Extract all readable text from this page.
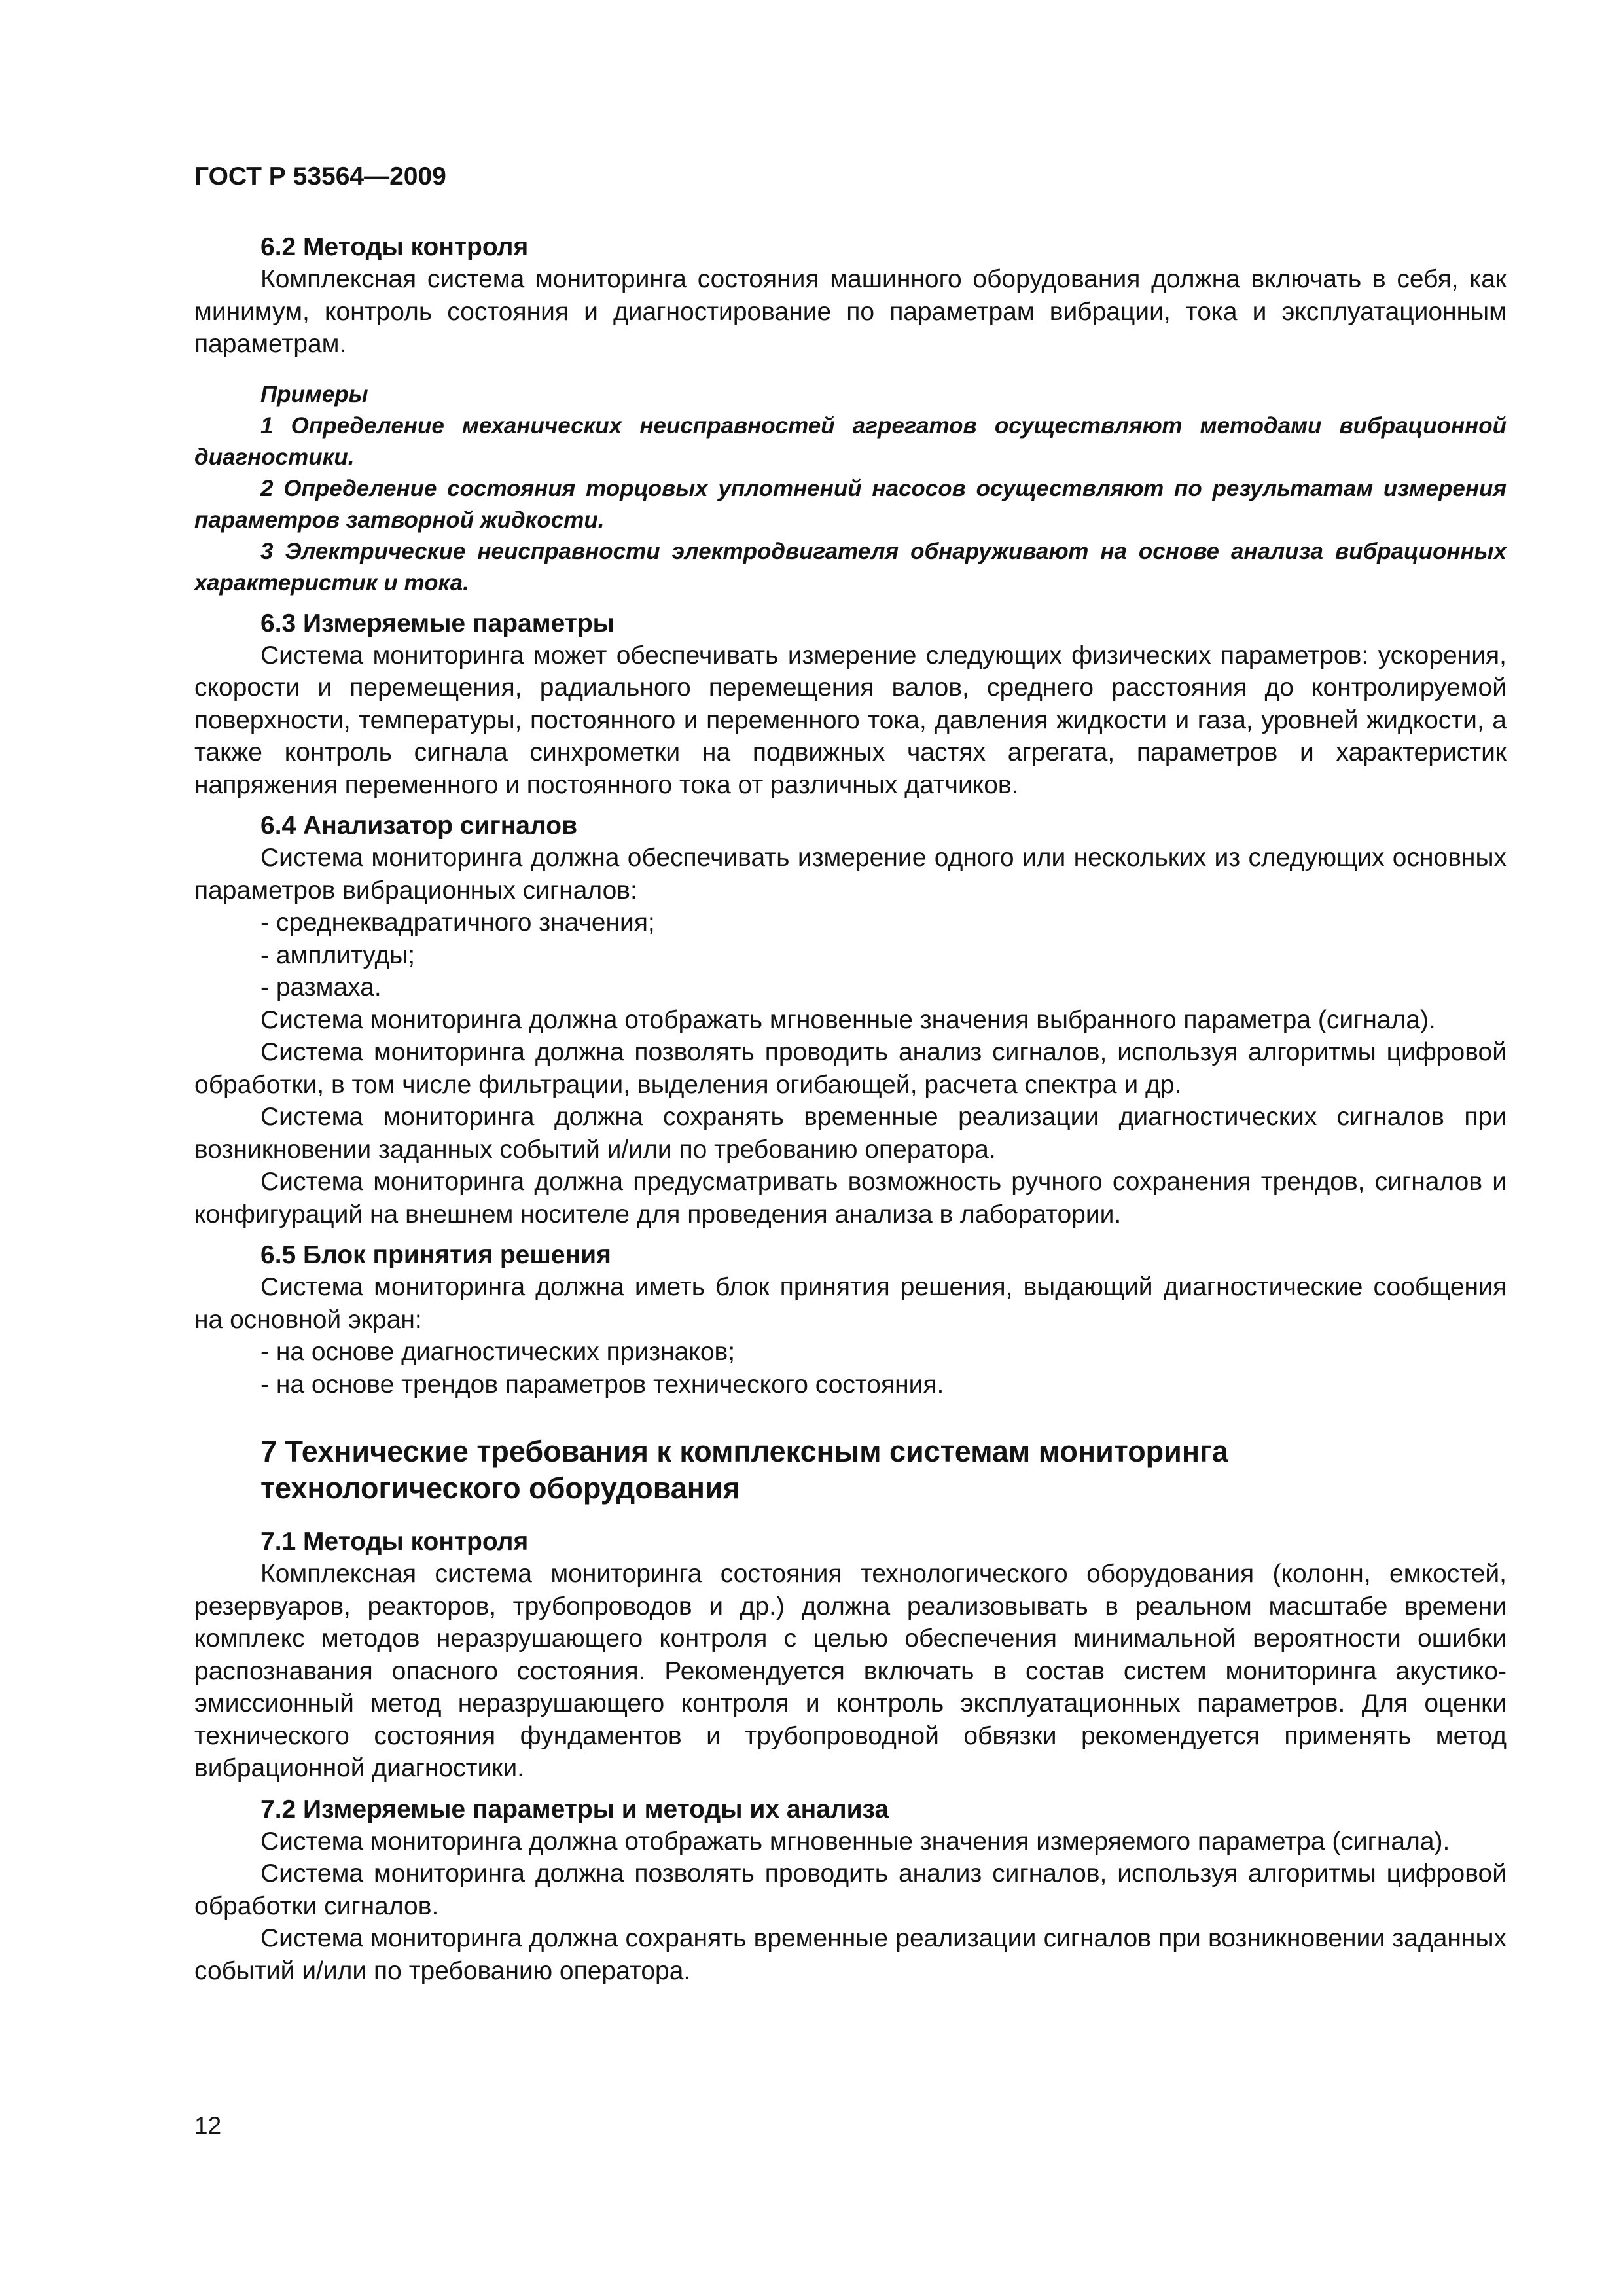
ГОСТ Р 53564—2009
6.2 Методы контроля

Комплексная система мониторинга состояния машинного оборудования должна включать в себя, как минимум, контроль состояния и диагностирование по параметрам вибрации, тока и эксплуатационным параметрам.

Примеры

1 Определение механических неисправностей агрегатов осуществляют методами вибрационной диагностики.

2 Определение состояния торцовых уплотнений насосов осуществляют по результатам измерения параметров затворной жидкости.

3 Электрические неисправности электродвигателя обнаруживают на основе анализа вибрационных характеристик и тока.

6.3 Измеряемые параметры

Система мониторинга может обеспечивать измерение следующих физических параметров: ускорения, скорости и перемещения, радиального перемещения валов, среднего расстояния до контролируемой поверхности, температуры, постоянного и переменного тока, давления жидкости и газа, уровней жидкости, а также контроль сигнала синхрометки на подвижных частях агрегата, параметров и характеристик напряжения переменного и постоянного тока от различных датчиков.

6.4 Анализатор сигналов

Система мониторинга должна обеспечивать измерение одного или нескольких из следующих основных параметров вибрационных сигналов:

- среднеквадратичного значения;
- амплитуды;
- размаха.

Система мониторинга должна отображать мгновенные значения выбранного параметра (сигнала).

Система мониторинга должна позволять проводить анализ сигналов, используя алгоритмы цифровой обработки, в том числе фильтрации, выделения огибающей, расчета спектра и др.

Система мониторинга должна сохранять временные реализации диагностических сигналов при возникновении заданных событий и/или по требованию оператора.

Система мониторинга должна предусматривать возможность ручного сохранения трендов, сигналов и конфигураций на внешнем носителе для проведения анализа в лаборатории.

6.5 Блок принятия решения

Система мониторинга должна иметь блок принятия решения, выдающий диагностические сообщения на основной экран:

- на основе диагностических признаков;
- на основе трендов параметров технического состояния.
7 Технические требования к комплексным системам мониторинга
технологического оборудования
7.1 Методы контроля

Комплексная система мониторинга состояния технологического оборудования (колонн, емкостей, резервуаров, реакторов, трубопроводов и др.) должна реализовывать в реальном масштабе времени комплекс методов неразрушающего контроля с целью обеспечения минимальной вероятности ошибки распознавания опасного состояния. Рекомендуется включать в состав систем мониторинга акустико-эмиссионный метод неразрушающего контроля и контроль эксплуатационных параметров. Для оценки технического состояния фундаментов и трубопроводной обвязки рекомендуется применять метод вибрационной диагностики.

7.2 Измеряемые параметры и методы их анализа

Система мониторинга должна отображать мгновенные значения измеряемого параметра (сигнала).

Система мониторинга должна позволять проводить анализ сигналов, используя алгоритмы цифровой обработки сигналов.

Система мониторинга должна сохранять временные реализации сигналов при возникновении заданных событий и/или по требованию оператора.

12
